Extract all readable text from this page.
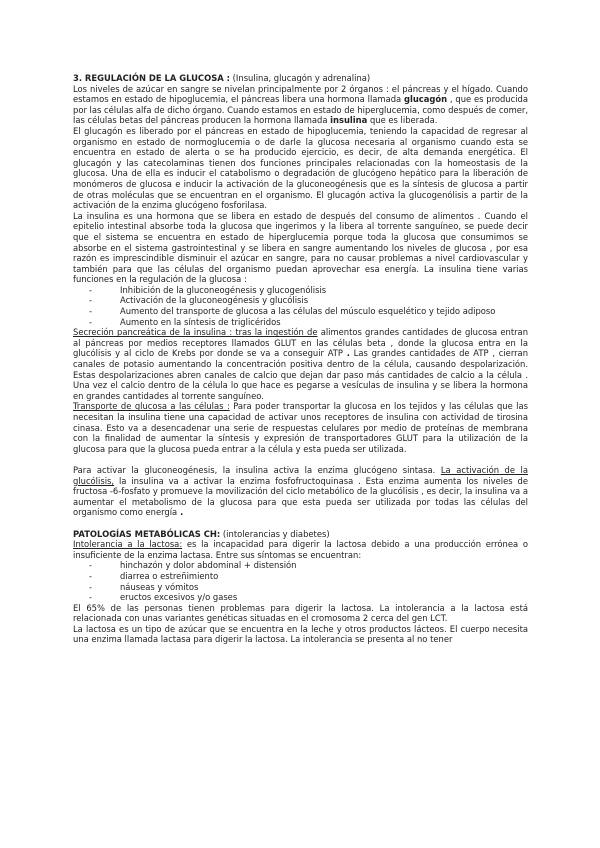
3. REGULACIÓN DE LA GLUCOSA : (Insulina, glucagón y adrenalina)

Los niveles de azúcar en sangre se nivelan principalmente por 2 órganos : el páncreas y el hígado. Cuando estamos en estado de hipoglucemia, el páncreas libera una hormona llamada glucagón , que es producida por las células alfa de dicho órgano. Cuando estamos en estado de hiperglucemia, como después de comer, las células betas del páncreas producen la hormona llamada insulina que es liberada.

El glucagón es liberado por el páncreas en estado de hipoglucemia, teniendo la capacidad de regresar al organismo en estado de normoglucemia o de darle la glucosa necesaria al organismo cuando esta se encuentra en estado de alerta o se ha producido ejercicio, es decir, de alta demanda energética. El glucagón y las catecolaminas tienen dos funciones principales relacionadas con la homeostasis de la glucosa. Una de ella es inducir el catabolismo o degradación de glucógeno hepático para la liberación de monómeros de glucosa e inducir la activación de la gluconeogénesis que es la síntesis de glucosa a partir de otras moléculas que se encuentran en el organismo. El glucagón activa la glucogenólisis a partir de la activación de la enzima glucógeno fosforilasa.

La insulina es una hormona que se libera en estado de después del consumo de alimentos . Cuando el epitelio intestinal absorbe toda la glucosa que ingerimos y la libera al torrente sanguíneo, se puede decir que el sistema se encuentra en estado de hiperglucemia porque toda la glucosa que consumimos se absorbe en el sistema gastrointestinal y se libera en sangre aumentando los niveles de glucosa , por esa razón es imprescindible disminuir el azúcar en sangre, para no causar problemas a nivel cardiovascular y también para que las células del organismo puedan aprovechar esa energía. La insulina tiene varias funciones en la regulación de la glucosa :

- Inhibición de la gluconeogénesis y glucogenólisis
- Activación de la gluconeogénesis y glucólisis
- Aumento del transporte de glucosa a las células del músculo esquelético y tejido adiposo
- Aumento en la síntesis de triglicéridos

Secreción pancreática de la insulina : tras la ingestión de alimentos grandes cantidades de glucosa entran al páncreas por medios receptores llamados GLUT en las células beta , donde la glucosa entra en la glucólisis y al ciclo de Krebs por donde se va a conseguir ATP . Las grandes cantidades de ATP , cierran canales de potasio aumentando la concentración positiva dentro de la célula, causando despolarización. Estas despolarizaciones abren canales de calcio que dejan dar paso más cantidades de calcio a la célula . Una vez el calcio dentro de la célula lo que hace es pegarse a vesículas de insulina y se libera la hormona en grandes cantidades al torrente sanguíneo.

Transporte de glucosa a las células : Para poder transportar la glucosa en los tejidos y las células que las necesitan la insulina tiene una capacidad de activar unos receptores de insulina con actividad de tirosina cinasa. Esto va a desencadenar una serie de respuestas celulares por medio de proteínas de membrana con la finalidad de aumentar la síntesis y expresión de transportadores GLUT para la utilización de la glucosa para que la glucosa pueda entrar a la célula y esta pueda ser utilizada.

Para activar la gluconeogénesis, la insulina activa la enzima glucógeno sintasa. La activación de la glucólisis, la insulina va a activar la enzima fosfofructoquinasa . Esta enzima aumenta los niveles de fructosa -6-fosfato y promueve la movilización del ciclo metabólico de la glucólisis , es decir, la insulina va a aumentar el metabolismo de la glucosa para que esta pueda ser utilizada por todas las células del organismo como energía .

PATOLOGÍAS METABÓLICAS CH: (intolerancias y diabetes)

Intolerancia a la lactosa: es la incapacidad para digerir la lactosa debido a una producción errónea o insuficiente de la enzima lactasa. Entre sus síntomas se encuentran:

- hinchazón y dolor abdominal + distensión
- diarrea o estreñimiento
- náuseas y vómitos
- eructos excesivos y/o gases

El 65% de las personas tienen problemas para digerir la lactosa. La intolerancia a la lactosa está relacionada con unas variantes genéticas situadas en el cromosoma 2 cerca del gen LCT.

La lactosa es un tipo de azúcar que se encuentra en la leche y otros productos lácteos. El cuerpo necesita una enzima llamada lactasa para digerir la lactosa. La intolerancia se presenta al no tener
